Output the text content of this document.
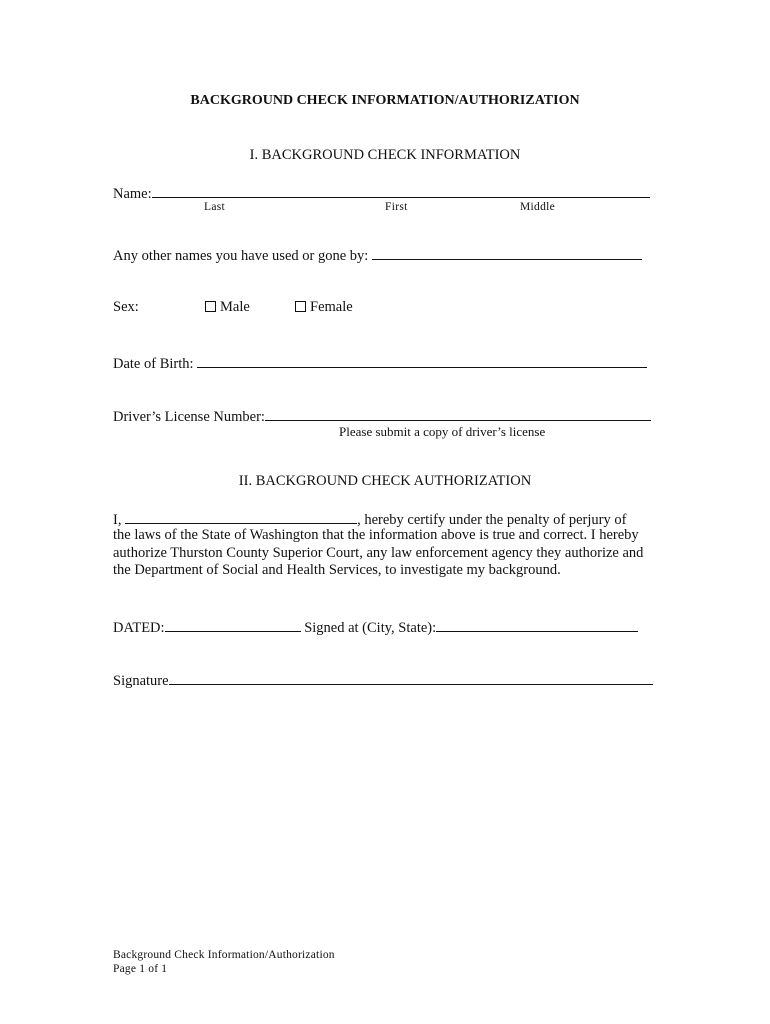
BACKGROUND CHECK INFORMATION/AUTHORIZATION
I. BACKGROUND CHECK INFORMATION
Name:
Last	First	Middle
Any other names you have used or gone by:
Sex:	Male	Female
Date of Birth:
Driver’s License Number:
Please submit a copy of driver’s license
II. BACKGROUND CHECK AUTHORIZATION
I,	, hereby certify under the penalty of perjury of
the laws of the State of Washington that the information above is true and correct. I hereby authorize Thurston County Superior Court, any law enforcement agency they authorize and the Department of Social and Health Services, to investigate my background.
DATED:	Signed at (City, State):
Signature
Background Check Information/Authorization
Page 1 of 1
